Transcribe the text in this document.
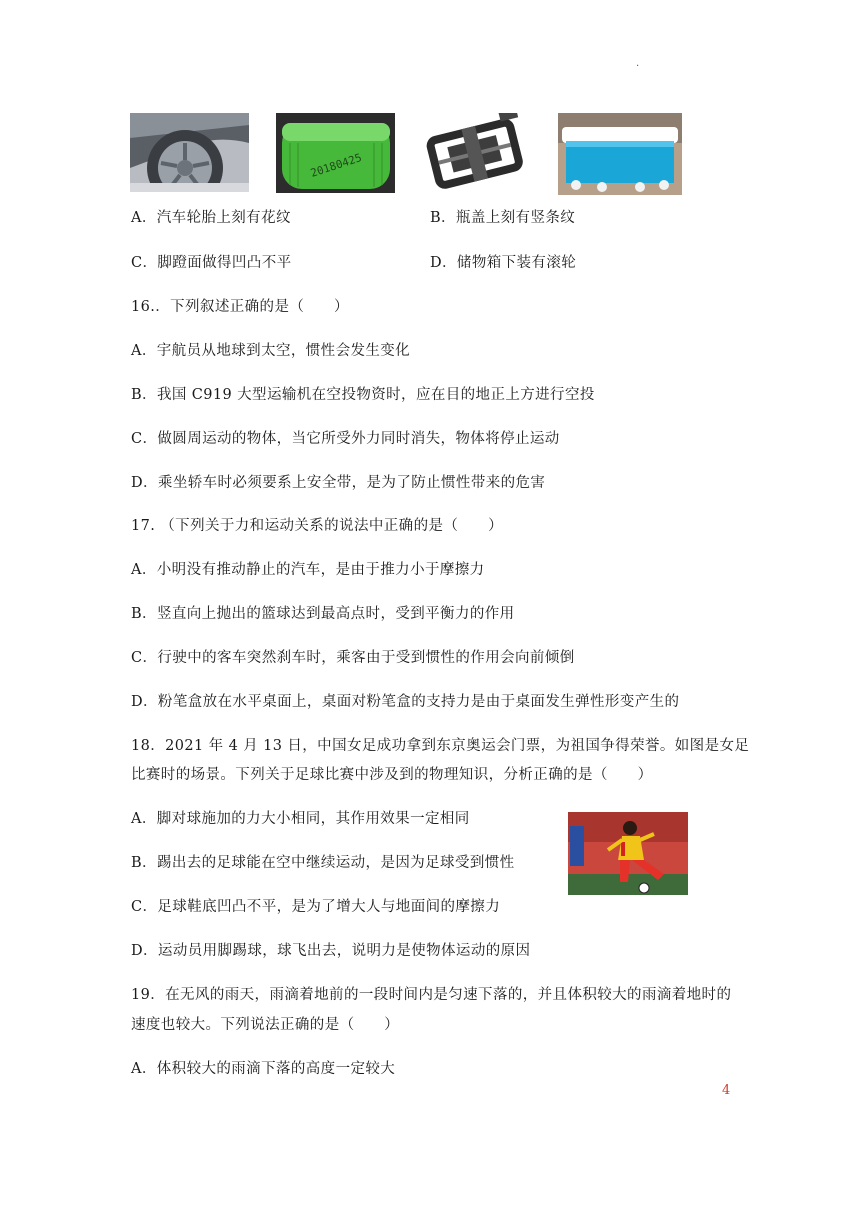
.
20180425
A．汽车轮胎上刻有花纹	B．瓶盖上刻有竖条纹
C．脚蹬面做得凹凸不平	D．储物箱下装有滚轮
16.．下列叙述正确的是（　　）
A．宇航员从地球到太空，惯性会发生变化
B．我国 C919 大型运输机在空投物资时，应在目的地正上方进行空投
C．做圆周运动的物体，当它所受外力同时消失，物体将停止运动
D．乘坐轿车时必须要系上安全带，是为了防止惯性带来的危害
17. （下列关于力和运动关系的说法中正确的是（　　）
A．小明没有推动静止的汽车，是由于推力小于摩擦力
B．竖直向上抛出的篮球达到最高点时，受到平衡力的作用
C．行驶中的客车突然刹车时，乘客由于受到惯性的作用会向前倾倒
D．粉笔盒放在水平桌面上，桌面对粉笔盒的支持力是由于桌面发生弹性形变产生的
18．2021 年 4 月 13 日，中国女足成功拿到东京奥运会门票，为祖国争得荣誉。如图是女足
比赛时的场景。下列关于足球比赛中涉及到的物理知识，分析正确的是（　　）
A．脚对球施加的力大小相同，其作用效果一定相同
B．踢出去的足球能在空中继续运动，是因为足球受到惯性
C．足球鞋底凹凸不平，是为了增大人与地面间的摩擦力
D．运动员用脚踢球，球飞出去，说明力是使物体运动的原因
19．在无风的雨天，雨滴着地前的一段时间内是匀速下落的，并且体积较大的雨滴着地时的
速度也较大。下列说法正确的是（　　）
A．体积较大的雨滴下落的高度一定较大
4
